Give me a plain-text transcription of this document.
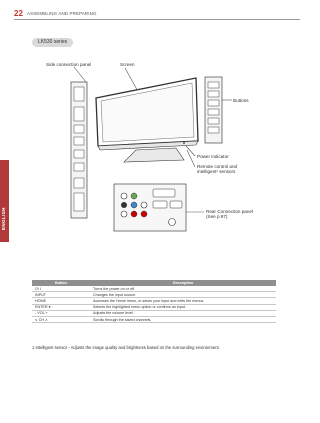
22 ASSEMBLING AND PREPARING
ENGLISH
LK530 series
Side connection panel	Screen
Buttons
Power indicator
Remote control and
intelligent¹ sensors
Rear Connection panel
(See p.97)
Button	Description
⏻/ I	Turns the power on or off.
INPUT	Changes the input source.
HOME	Accesses the Home menu, or saves your input and exits the menus.
ENTER ●	Selects the highlighted menu option or confirms an input.
- VOL +	Adjusts the volume level.
∨ CH ∧	Scrolls through the saved channels.
1 Intelligent sensor - Adjusts the image quality and brightness based on the surrounding environment.
